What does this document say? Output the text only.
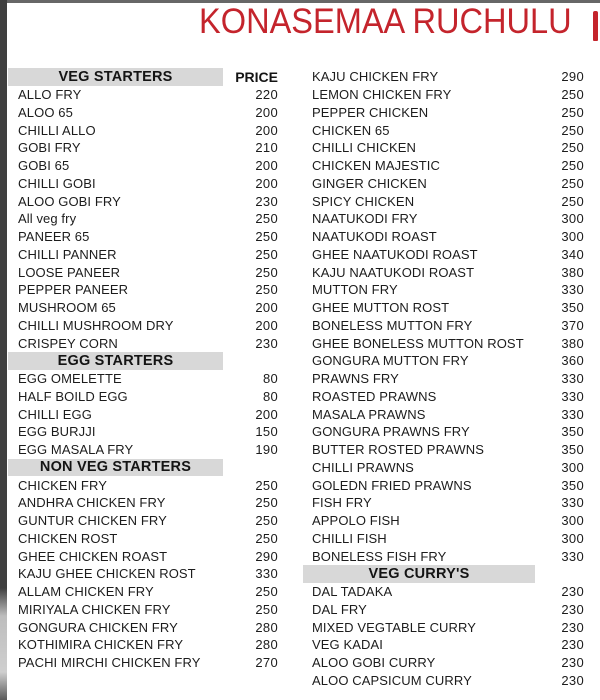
KONASEMAA RUCHULU
VEG STARTERS	PRICE
ALLO FRY	220
ALOO 65	200
CHILLI ALLO	200
GOBI FRY	210
GOBI 65	200
CHILLI GOBI	200
ALOO GOBI FRY	230
All veg fry	250
PANEER 65	250
CHILLI PANNER	250
LOOSE PANEER	250
PEPPER PANEER	250
MUSHROOM 65	200
CHILLI MUSHROOM DRY	200
CRISPEY CORN	230
EGG STARTERS
EGG OMELETTE	80
HALF BOILD EGG	80
CHILLI EGG	200
EGG BURJJI	150
EGG MASALA FRY	190
NON VEG STARTERS
CHICKEN FRY	250
ANDHRA CHICKEN FRY	250
GUNTUR CHICKEN FRY	250
CHICKEN ROST	250
GHEE CHICKEN ROAST	290
KAJU GHEE CHICKEN ROST	330
ALLAM CHICKEN FRY	250
MIRIYALA CHICKEN FRY	250
GONGURA CHICKEN FRY	280
KOTHIMIRA CHICKEN FRY	280
PACHI MIRCHI CHICKEN FRY	270
KAJU CHICKEN FRY	290
LEMON CHICKEN FRY	250
PEPPER CHICKEN	250
CHICKEN 65	250
CHILLI CHICKEN	250
CHICKEN MAJESTIC	250
GINGER CHICKEN	250
SPICY CHICKEN	250
NAATUKODI FRY	300
NAATUKODI ROAST	300
GHEE NAATUKODI ROAST	340
KAJU NAATUKODI ROAST	380
MUTTON FRY	330
GHEE MUTTON ROST	350
BONELESS MUTTON FRY	370
GHEE BONELESS MUTTON ROST	380
GONGURA MUTTON FRY	360
PRAWNS FRY	330
ROASTED PRAWNS	330
MASALA PRAWNS	330
GONGURA PRAWNS FRY	350
BUTTER ROSTED PRAWNS	350
CHILLI PRAWNS	300
GOLEDN FRIED PRAWNS	350
FISH FRY	330
APPOLO FISH	300
CHILLI FISH	300
BONELESS FISH FRY	330
VEG CURRY'S
DAL TADAKA	230
DAL FRY	230
MIXED VEGTABLE CURRY	230
VEG KADAI	230
ALOO GOBI CURRY	230
ALOO CAPSICUM CURRY	230
